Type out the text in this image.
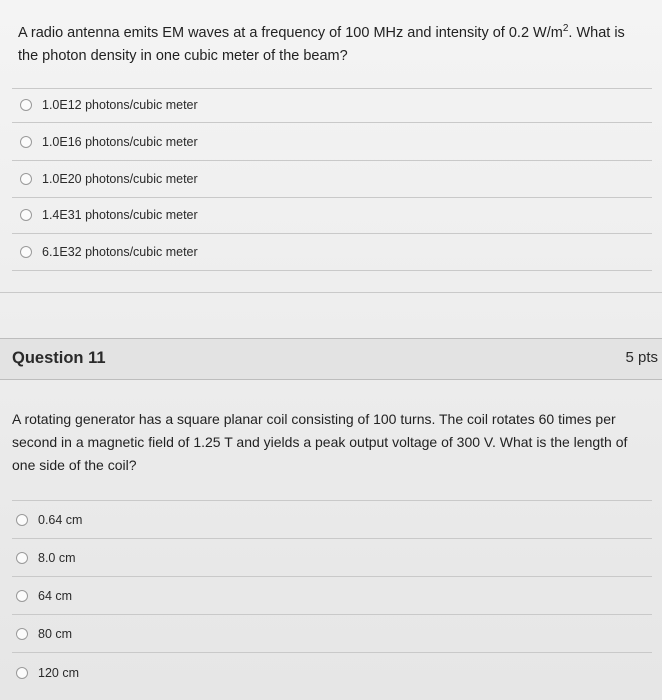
A radio antenna emits EM waves at a frequency of 100 MHz and intensity of 0.2 $W/m^2$. What is the photon density in one cubic meter of the beam?
1.0E12 photons/cubic meter
1.0E16 photons/cubic meter
1.0E20 photons/cubic meter
1.4E31 photons/cubic meter
6.1E32 photons/cubic meter
Question 11	5 pts
A rotating generator has a square planar coil consisting of 100 turns. The coil rotates 60 times per second in a magnetic field of 1.25 T and yields a peak output voltage of 300 V. What is the length of one side of the coil?
0.64 cm
8.0 cm
64 cm
80 cm
120 cm
